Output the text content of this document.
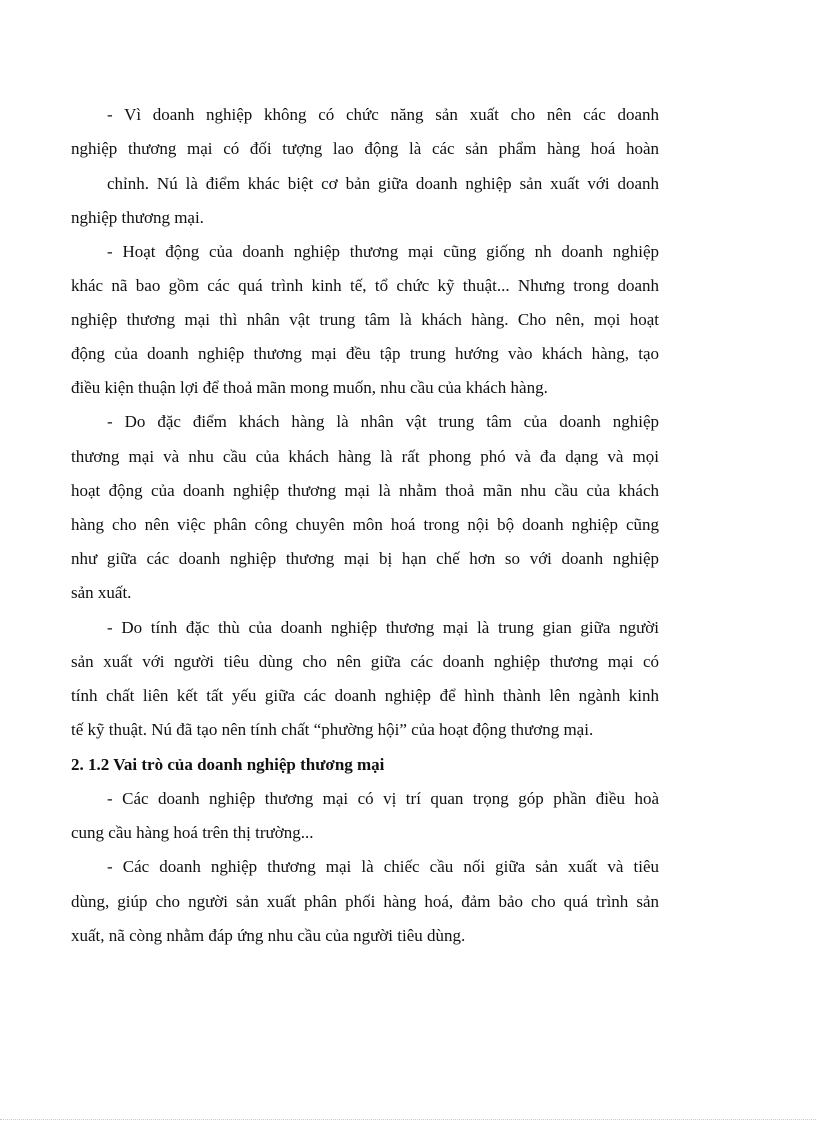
- Vì doanh nghiệp không có chức năng sản xuất cho nên các doanh
nghiệp thương mại có đối tượng lao động là các sản phẩm hàng hoá hoàn
chỉnh. Nú là điểm khác biệt cơ bản giữa doanh nghiệp sản xuất với doanh
nghiệp thương mại.
- Hoạt động của doanh nghiệp thương mại cũng giống nh doanh nghiệp
khác nã bao gồm các quá trình kinh tế, tổ chức kỹ thuật... Nhưng trong doanh
nghiệp thương mại thì nhân vật trung tâm là khách hàng. Cho nên, mọi hoạt
động của doanh nghiệp thương mại đều tập trung hướng vào khách hàng, tạo
điều kiện thuận lợi để thoả mãn mong muốn, nhu cầu của khách hàng.
- Do đặc điểm khách hàng là nhân vật trung tâm của doanh nghiệp
thương mại và nhu cầu của khách hàng là rất phong phó và đa dạng và mọi
hoạt động của doanh nghiệp thương mại là nhằm thoả mãn nhu cầu của khách
hàng cho nên việc phân công chuyên môn hoá trong nội bộ doanh nghiệp cũng
như giữa các doanh nghiệp thương mại bị hạn chế hơn so với doanh nghiệp
sản xuất.
- Do tính đặc thù của doanh nghiệp thương mại là trung gian giữa người
sản xuất với người tiêu dùng cho nên giữa các doanh nghiệp thương mại có
tính chất liên kết tất yếu giữa các doanh nghiệp để hình thành lên ngành kinh
tế kỹ thuật. Nú đã tạo nên tính chất “phường hội” của hoạt động thương mại.
2. 1.2 Vai trò của doanh nghiệp thương mại
- Các doanh nghiệp thương mại có vị trí quan trọng góp phần điều hoà
cung cầu hàng hoá trên thị trường...
- Các doanh nghiệp thương mại là chiếc cầu nối giữa sản xuất và tiêu
dùng, giúp cho người sản xuất phân phối hàng hoá, đảm bảo cho quá trình sản
xuất, nã còng nhằm đáp ứng nhu cầu của người tiêu dùng.
